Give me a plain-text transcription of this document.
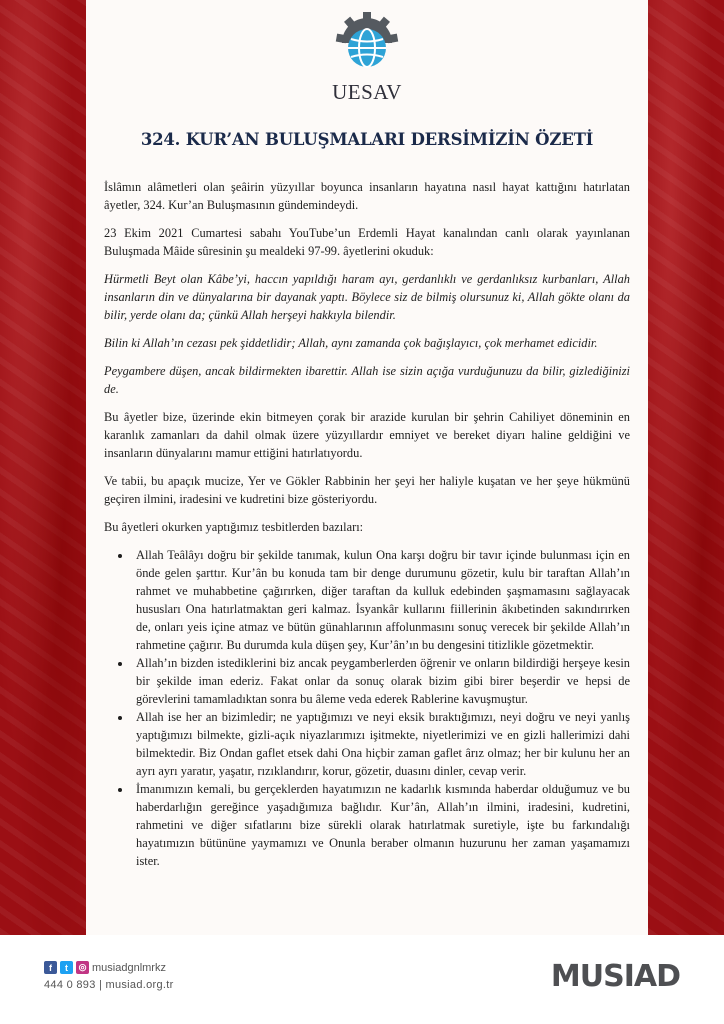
UESAV
324. KUR’AN BULUŞMALARI DERSİMİZİN ÖZETİ

İslâmın alâmetleri olan şeâirin yüzyıllar boyunca insanların hayatına nasıl hayat kattığını hatırlatan âyetler, 324. Kur’an Buluşmasının gündemindeydi.

23 Ekim 2021 Cumartesi sabahı YouTube’un Erdemli Hayat kanalından canlı olarak yayınlanan Buluşmada Mâide sûresinin şu mealdeki 97-99. âyetlerini okuduk:

Hürmetli Beyt olan Kâbe’yi, haccın yapıldığı haram ayı, gerdanlıklı ve gerdanlıksız kurbanları, Allah insanların din ve dünyalarına bir dayanak yaptı. Böylece siz de bilmiş olursunuz ki, Allah gökte olanı da bilir, yerde olanı da; çünkü Allah herşeyi hakkıyla bilendir.

Bilin ki Allah’ın cezası pek şiddetlidir; Allah, aynı zamanda çok bağışlayıcı, çok merhamet edicidir.

Peygambere düşen, ancak bildirmekten ibarettir. Allah ise sizin açığa vurduğunuzu da bilir, gizlediğinizi de.

Bu âyetler bize, üzerinde ekin bitmeyen çorak bir arazide kurulan bir şehrin Cahiliyet döneminin en karanlık zamanları da dahil olmak üzere yüzyıllardır emniyet ve bereket diyarı haline geldiğini ve insanların dünyalarını mamur ettiğini hatırlatıyordu.

Ve tabii, bu apaçık mucize, Yer ve Gökler Rabbinin her şeyi her haliyle kuşatan ve her şeye hükmünü geçiren ilmini, iradesini ve kudretini bize gösteriyordu.

Bu âyetleri okurken yaptığımız tesbitlerden bazıları:

• Allah Teâlâyı doğru bir şekilde tanımak, kulun Ona karşı doğru bir tavır içinde bulunması için en önde gelen şarttır. Kur’ân bu konuda tam bir denge durumunu gözetir, kulu bir taraftan Allah’ın rahmet ve muhabbetine çağırırken, diğer taraftan da kulluk edebinden şaşmamasını sağlayacak hususları Ona hatırlatmaktan geri kalmaz. İsyankâr kullarını fiillerinin âkıbetinden sakındırırken de, onları yeis içine atmaz ve bütün günahlarının affolunmasını sonuç verecek bir şekilde Allah’ın rahmetine çağırır. Bu durumda kula düşen şey, Kur’ân’ın bu dengesini titizlikle gözetmektir.
• Allah’ın bizden istediklerini biz ancak peygamberlerden öğrenir ve onların bildirdiği herşeye kesin bir şekilde iman ederiz. Fakat onlar da sonuç olarak bizim gibi birer beşerdir ve hepsi de görevlerini tamamladıktan sonra bu âleme veda ederek Rablerine kavuşmuştur.
• Allah ise her an bizimledir; ne yaptığımızı ve neyi eksik bıraktığımızı, neyi doğru ve neyi yanlış yaptığımızı bilmekte, gizli-açık niyazlarımızı işitmekte, niyetlerimizi ve en gizli hallerimizi dahi bilmektedir. Biz Ondan gaflet etsek dahi Ona hiçbir zaman gaflet ârız olmaz; her bir kulunu her an ayrı ayrı yaratır, yaşatır, rızıklandırır, korur, gözetir, duasını dinler, cevap verir.
• İmanımızın kemali, bu gerçeklerden hayatımızın ne kadarlık kısmında haberdar olduğumuz ve bu haberdarlığın gereğince yaşadığımıza bağlıdır. Kur’ân, Allah’ın ilmini, iradesini, kudretini, rahmetini ve diğer sıfatlarını bize sürekli olarak hatırlatmak suretiyle, işte bu farkındalığı hayatımızın bütününe yaymamızı ve Onunla beraber olmanın huzurunu her zaman yaşamamızı ister.
f	t	◎ musiadgnlmrkz
444 0 893 | musiad.org.tr	MUSIAD
